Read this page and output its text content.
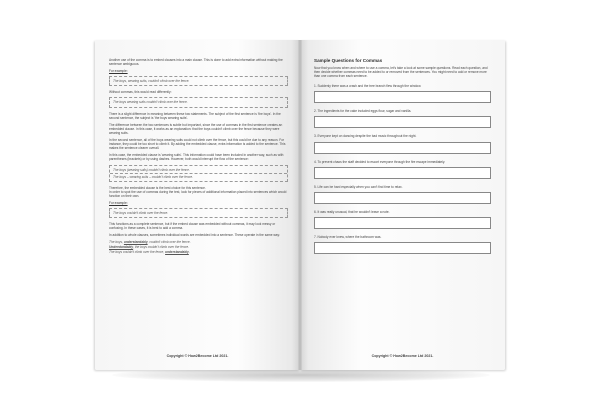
Another use of the comma is to embed clauses into a main clause. This is done to add extra information without making the sentence ambiguous.

For example:

The boys, wearing suits, couldn't climb over the fence.

Without commas, this would read differently:

The boys wearing suits couldn't climb over the fence.

There is a slight difference in meaning between these two statements. The subject of the first sentence is 'the boys'. In the second sentence, the subject is 'the boys wearing suits'.

The difference between the two sentences is subtle but important, since the use of commas in the first sentence creates an embedded clause. In this case, it works as an explanation: that the boys couldn't climb over the fence because they were wearing suits.

In the second sentence, all of the boys wearing suits could not climb over the fence, but this could be due to any reason. For instance, they could be too short to climb it. By adding the embedded clause, extra information is added to the sentence. This makes the sentence clearer overall.

In this case, the embedded clause is 'wearing suits'. This information could have been included in another way, such as with parentheses (brackets) or by using dashes. However, both would interrupt the flow of the sentence:

The boys (wearing suits) couldn't climb over the fence.

The boys – wearing suits – couldn't climb over the fence.

Therefore, the embedded clause is the best choice for this sentence.

In order to spot the use of commas during the test, look for pieces of additional information placed into sentences which would function on their own.

For example:

The boys couldn't climb over the fence.

This functions as a complete sentence, but if the embed clause was embedded without commas, it may look messy or confusing. In these cases, it is best to add a comma.

In addition to whole clauses, sometimes individual words are embedded into a sentence. These operate in the same way:

The boys, understandably, couldn't climb over the fence.

Understandably, the boys couldn't climb over the fence.

The boys couldn't climb over the fence, understandably.

Copyright © How2Become Ltd 2021.
Sample Questions for Commas

Now that you know when and where to use a comma, let's take a look at some sample questions. Read each question, and then decide whether commas need to be added to or removed from the sentences. You might need to add or remove more than one comma from each sentence.

1. Suddenly there was a crash and the tree branch flew through the window.

2. The ingredients for the cake included eggs flour, sugar and vanilla.

3. Everyone kept on dancing despite the bad music throughout the night.

4. To prevent chaos the staff decided to escort everyone through the fire escape immediately.

5. Life can be hard especially when you can't find time to relax.

6. It was really unusual, that he wouldn't leave a note.

7. Nobody ever knew, where the bathroom was.

Copyright © How2Become Ltd 2021.
